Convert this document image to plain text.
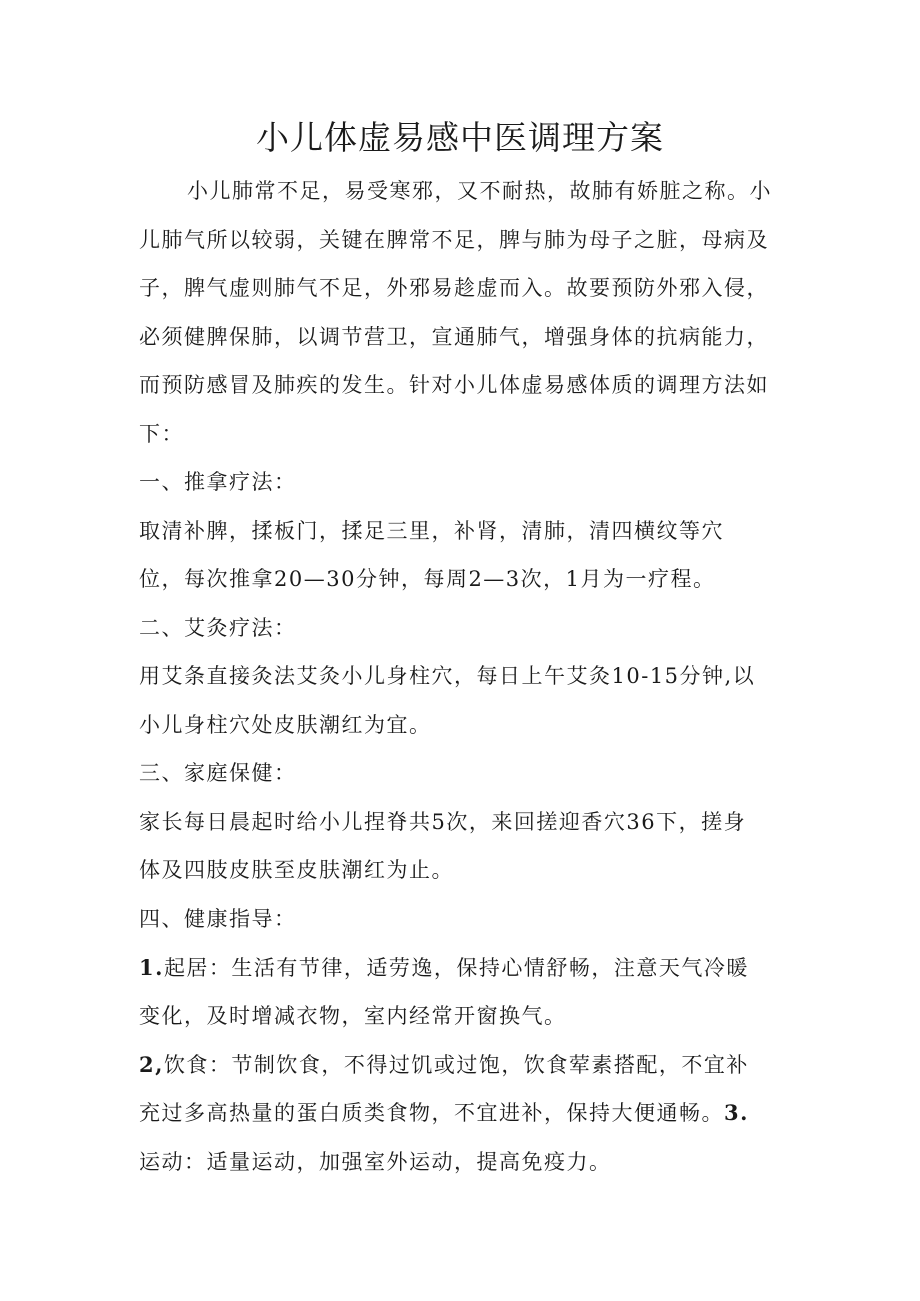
小儿体虚易感中医调理方案

小儿肺常不足，易受寒邪，又不耐热，故肺有娇脏之称。小

儿肺气所以较弱，关键在脾常不足，脾与肺为母子之脏，母病及

子，脾气虚则肺气不足，外邪易趁虚而入。故要预防外邪入侵，

必须健脾保肺，以调节营卫，宣通肺气，增强身体的抗病能力，

而预防感冒及肺疾的发生。针对小儿体虚易感体质的调理方法如

下：

一、推拿疗法：

取清补脾，揉板门，揉足三里，补肾，清肺，清四横纹等穴

位，每次推拿20—30分钟，每周2—3次，1月为一疗程。

二、艾灸疗法：

用艾条直接灸法艾灸小儿身柱穴，每日上午艾灸10-15分钟,以

小儿身柱穴处皮肤潮红为宜。

三、家庭保健：

家长每日晨起时给小儿捏脊共5次，来回搓迎香穴36下，搓身

体及四肢皮肤至皮肤潮红为止。

四、健康指导：

1.起居：生活有节律，适劳逸，保持心情舒畅，注意天气冷暖

变化，及时增减衣物，室内经常开窗换气。

2,饮食：节制饮食，不得过饥或过饱，饮食荤素搭配，不宜补

充过多高热量的蛋白质类食物，不宜进补，保持大便通畅。3.

运动：适量运动，加强室外运动，提高免疫力。
